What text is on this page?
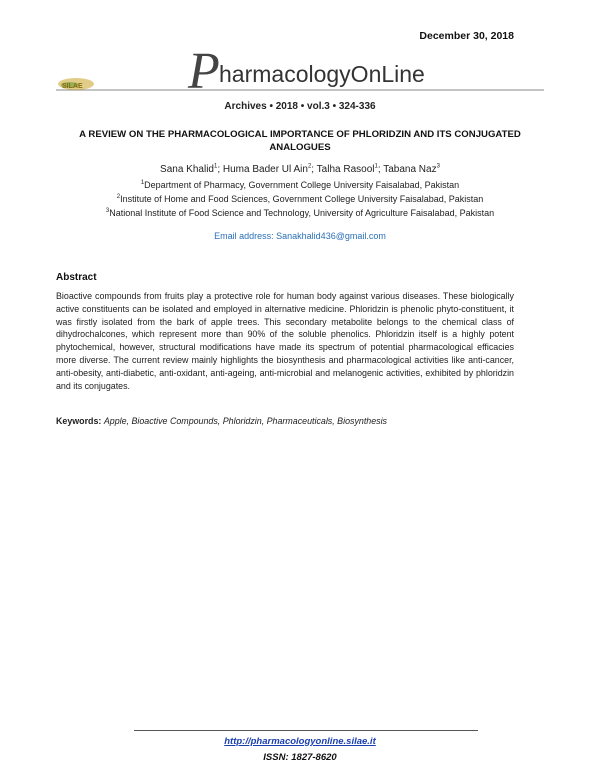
December 30, 2018
SILAE P harmacologyOnLine
Archives • 2018 • vol.3 • 324-336
A REVIEW ON THE PHARMACOLOGICAL IMPORTANCE OF PHLORIDZIN AND ITS CONJUGATED
ANALOGUES
Sana Khalid$^1$; Huma Bader Ul Ain$^2$; Talha Rasool$^1$; Tabana Naz$^3$
$^1$Department of Pharmacy, Government College University Faisalabad, Pakistan
$^2$Institute of Home and Food Sciences, Government College University Faisalabad, Pakistan
$^3$National Institute of Food Science and Technology, University of Agriculture Faisalabad, Pakistan
Email address: Sanakhalid436@gmail.com
Abstract
Bioactive compounds from fruits play a protective role for human body against various diseases. These biologically active constituents can be isolated and employed in alternative medicine. Phloridzin is phenolic phyto-constituent, it was firstly isolated from the bark of apple trees. This secondary metabolite belongs to the chemical class of dihydrochalcones, which represent more than 90% of the soluble phenolics. Phloridzin itself is a highly potent phytochemical, however, structural modifications have made its spectrum of potential pharmacological efficacies more diverse. The current review mainly highlights the biosynthesis and pharmacological activities like anti-cancer, anti-obesity, anti-diabetic, anti-oxidant, anti-ageing, anti-microbial and melanogenic activities, exhibited by phloridzin and its conjugates.
Keywords: Apple, Bioactive Compounds, Phloridzin, Pharmaceuticals, Biosynthesis
http://pharmacologyonline.silae.it
ISSN: 1827-8620
